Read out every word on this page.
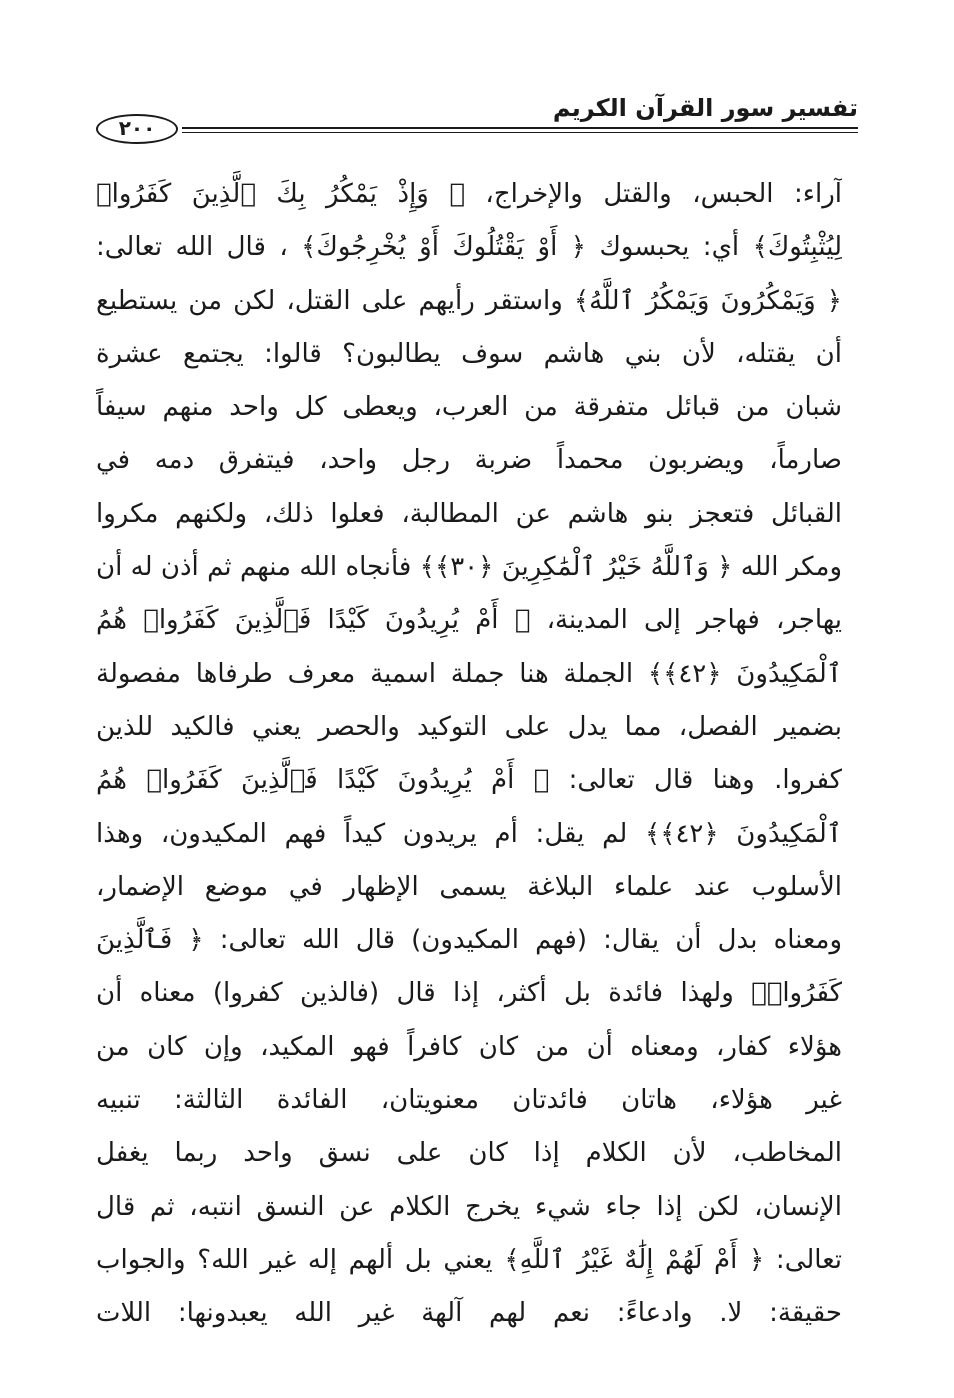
تفسير سور القرآن الكريم
٢٠٠
آراء: الحبس، والقتل والإخراج، ﴿ وَإِذْ يَمْكُرُ بِكَ ٱلَّذِينَ كَفَرُوا۟
لِيُثْبِتُوكَ﴾ أي: يحبسوك ﴿ أَوْ يَقْتُلُوكَ أَوْ يُخْرِجُوكَ﴾ ، قال الله تعالى:
﴿ وَيَمْكُرُونَ وَيَمْكُرُ ٱللَّهُ﴾ واستقر رأيهم على القتل، لكن من يستطيع
أن يقتله، لأن بني هاشم سوف يطالبون؟ قالوا: يجتمع عشرة
شبان من قبائل متفرقة من العرب، ويعطى كل واحد منهم سيفاً
صارماً، ويضربون محمداً ضربة رجل واحد، فيتفرق دمه في
القبائل فتعجز بنو هاشم عن المطالبة، فعلوا ذلك، ولكنهم مكروا
ومكر الله ﴿ وَٱللَّهُ خَيْرُ ٱلْمَٰكِرِينَ ﴿٣٠﴾﴾ فأنجاه الله منهم ثم أذن له أن
يهاجر، فهاجر إلى المدينة، ﴿ أَمْ يُرِيدُونَ كَيْدًا فَٱلَّذِينَ كَفَرُوا۟ هُمُ
ٱلْمَكِيدُونَ ﴿٤٢﴾﴾ الجملة هنا جملة اسمية معرف طرفاها مفصولة
بضمير الفصل، مما يدل على التوكيد والحصر يعني فالكيد للذين
كفروا. وهنا قال تعالى: ﴿ أَمْ يُرِيدُونَ كَيْدًا فَٱلَّذِينَ كَفَرُوا۟ هُمُ
ٱلْمَكِيدُونَ ﴿٤٢﴾﴾ لم يقل: أم يريدون كيداً فهم المكيدون، وهذا
الأسلوب عند علماء البلاغة يسمى الإظهار في موضع الإضمار،
ومعناه بدل أن يقال: (فهم المكيدون) قال الله تعالى: ﴿ فَٱلَّذِينَ
كَفَرُوا۟﴾ ولهذا فائدة بل أكثر، إذا قال (فالذين كفروا) معناه أن
هؤلاء كفار، ومعناه أن من كان كافراً فهو المكيد، وإن كان من
غير هؤلاء، هاتان فائدتان معنويتان، الفائدة الثالثة: تنبيه
المخاطب، لأن الكلام إذا كان على نسق واحد ربما يغفل
الإنسان، لكن إذا جاء شيء يخرج الكلام عن النسق انتبه، ثم قال
تعالى: ﴿ أَمْ لَهُمْ إِلَٰهٌ غَيْرُ ٱللَّهِ﴾ يعني بل ألهم إله غير الله؟ والجواب
حقيقة: لا. وادعاءً: نعم لهم آلهة غير الله يعبدونها: اللات
